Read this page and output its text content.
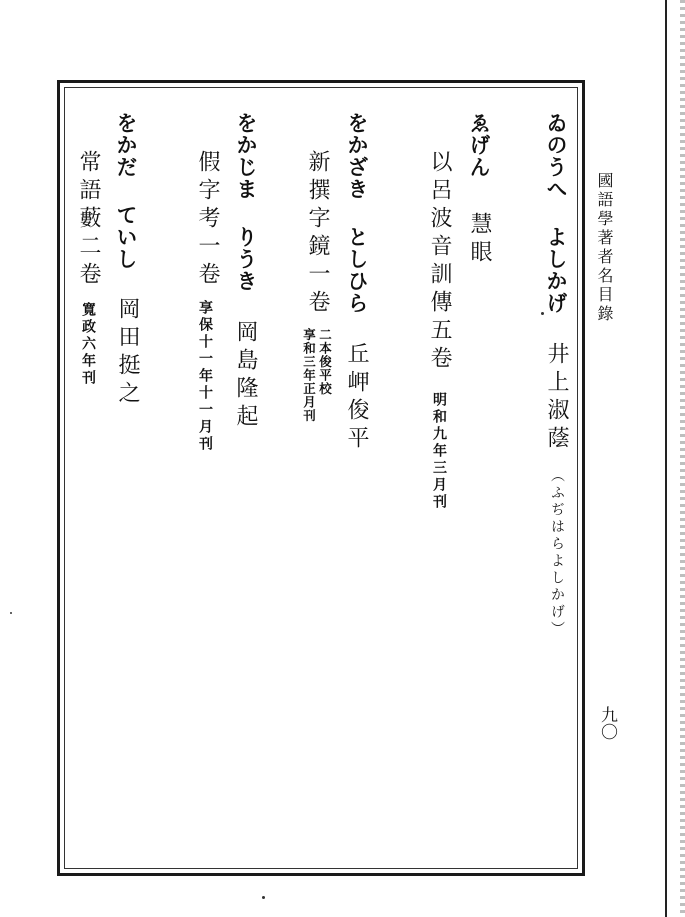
國語學著者名目錄
九〇
ゐのうへ よしかげ
井上淑蔭
（ふぢはらよしかげ）
ゑげん
慧眼
以呂波音訓傳五卷
明和九年三月刊
をかざき としひら
丘岬俊平
新撰字鏡一卷
二本俊平校
享和三年正月刊
をかじま りうき
假字考一卷
享保十一年十一月刊 岡島隆起
をかだ ていし
常語藪二卷
寬政六年刊 岡田挺之
